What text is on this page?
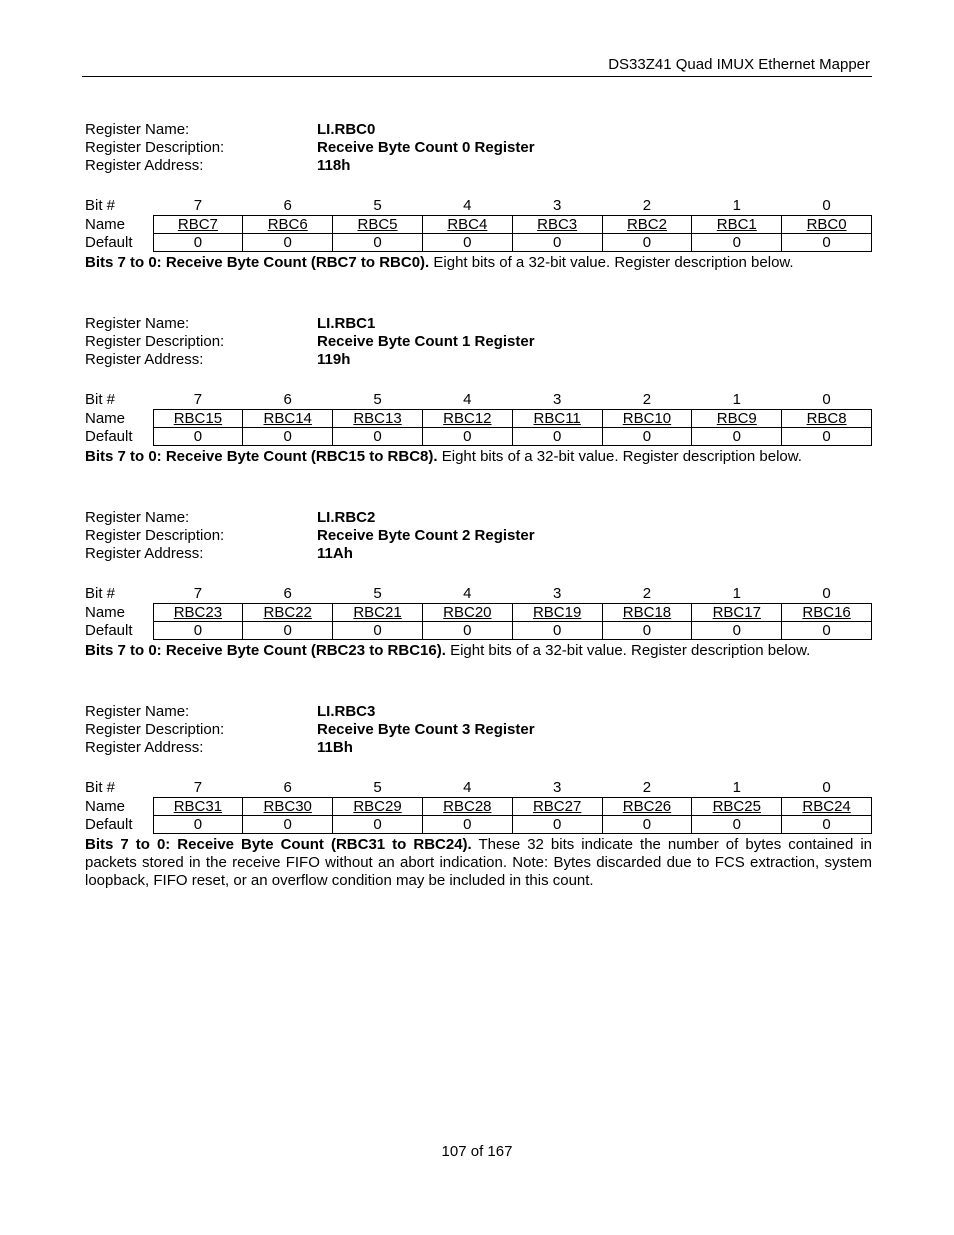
DS33Z41 Quad IMUX Ethernet Mapper
Register Name:	LI.RBC0
Register Description:	Receive Byte Count 0 Register
Register Address:	118h
Bit #	7	6	5	4	3	2	1	0
Name	RBC7	RBC6	RBC5	RBC4	RBC3	RBC2	RBC1	RBC0
Default	0	0	0	0	0	0	0	0
Bits 7 to 0: Receive Byte Count (RBC7 to RBC0). Eight bits of a 32-bit value. Register description below.
Register Name:	LI.RBC1
Register Description:	Receive Byte Count 1 Register
Register Address:	119h
Bit #	7	6	5	4	3	2	1	0
Name	RBC15	RBC14	RBC13	RBC12	RBC11	RBC10	RBC9	RBC8
Default	0	0	0	0	0	0	0	0
Bits 7 to 0: Receive Byte Count (RBC15 to RBC8). Eight bits of a 32-bit value. Register description below.
Register Name:	LI.RBC2
Register Description:	Receive Byte Count 2 Register
Register Address:	11Ah
Bit #	7	6	5	4	3	2	1	0
Name	RBC23	RBC22	RBC21	RBC20	RBC19	RBC18	RBC17	RBC16
Default	0	0	0	0	0	0	0	0
Bits 7 to 0: Receive Byte Count (RBC23 to RBC16). Eight bits of a 32-bit value. Register description below.
Register Name:	LI.RBC3
Register Description:	Receive Byte Count 3 Register
Register Address:	11Bh
Bit #	7	6	5	4	3	2	1	0
Name	RBC31	RBC30	RBC29	RBC28	RBC27	RBC26	RBC25	RBC24
Default	0	0	0	0	0	0	0	0
Bits 7 to 0: Receive Byte Count (RBC31 to RBC24). These 32 bits indicate the number of bytes contained in packets stored in the receive FIFO without an abort indication. Note: Bytes discarded due to FCS extraction, system loopback, FIFO reset, or an overflow condition may be included in this count.
107 of 167
